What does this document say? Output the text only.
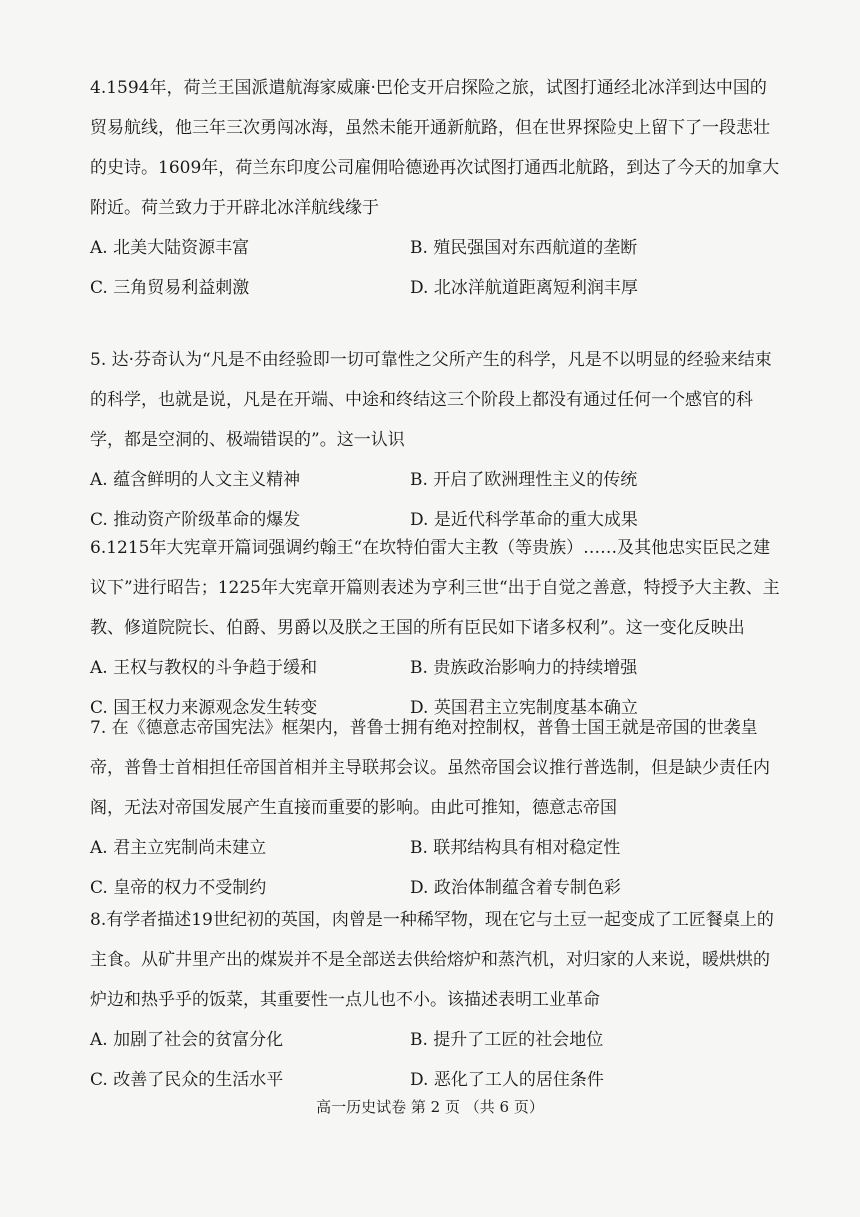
4.1594年，荷兰王国派遣航海家威廉·巴伦支开启探险之旅，试图打通经北冰洋到达中国的贸易航线，他三年三次勇闯冰海，虽然未能开通新航路，但在世界探险史上留下了一段悲壮的史诗。1609年，荷兰东印度公司雇佣哈德逊再次试图打通西北航路，到达了今天的加拿大附近。荷兰致力于开辟北冰洋航线缘于

A. 北美大陆资源丰富	B. 殖民强国对东西航道的垄断
C. 三角贸易利益刺激	D. 北冰洋航道距离短利润丰厚

5. 达·芬奇认为“凡是不由经验即一切可靠性之父所产生的科学，凡是不以明显的经验来结束的科学，也就是说，凡是在开端、中途和终结这三个阶段上都没有通过任何一个感官的科学，都是空洞的、极端错误的”。这一认识

A. 蕴含鲜明的人文主义精神	B. 开启了欧洲理性主义的传统
C. 推动资产阶级革命的爆发	D. 是近代科学革命的重大成果

6.1215年大宪章开篇词强调约翰王“在坎特伯雷大主教（等贵族）……及其他忠实臣民之建议下”进行昭告；1225年大宪章开篇则表述为亨利三世“出于自觉之善意，特授予大主教、主教、修道院院长、伯爵、男爵以及朕之王国的所有臣民如下诸多权利”。这一变化反映出

A. 王权与教权的斗争趋于缓和	B. 贵族政治影响力的持续增强
C. 国王权力来源观念发生转变	D. 英国君主立宪制度基本确立

7. 在《德意志帝国宪法》框架内，普鲁士拥有绝对控制权，普鲁士国王就是帝国的世袭皇帝，普鲁士首相担任帝国首相并主导联邦会议。虽然帝国会议推行普选制，但是缺少责任内阁，无法对帝国发展产生直接而重要的影响。由此可推知，德意志帝国

A. 君主立宪制尚未建立	B. 联邦结构具有相对稳定性
C. 皇帝的权力不受制约	D. 政治体制蕴含着专制色彩

8.有学者描述19世纪初的英国，肉曾是一种稀罕物，现在它与土豆一起变成了工匠餐桌上的主食。从矿井里产出的煤炭并不是全部送去供给熔炉和蒸汽机，对归家的人来说，暖烘烘的炉边和热乎乎的饭菜，其重要性一点儿也不小。该描述表明工业革命

A. 加剧了社会的贫富分化	B. 提升了工匠的社会地位
C. 改善了民众的生活水平	D. 恶化了工人的居住条件
高一历史试卷 第 2 页 （共 6 页）
